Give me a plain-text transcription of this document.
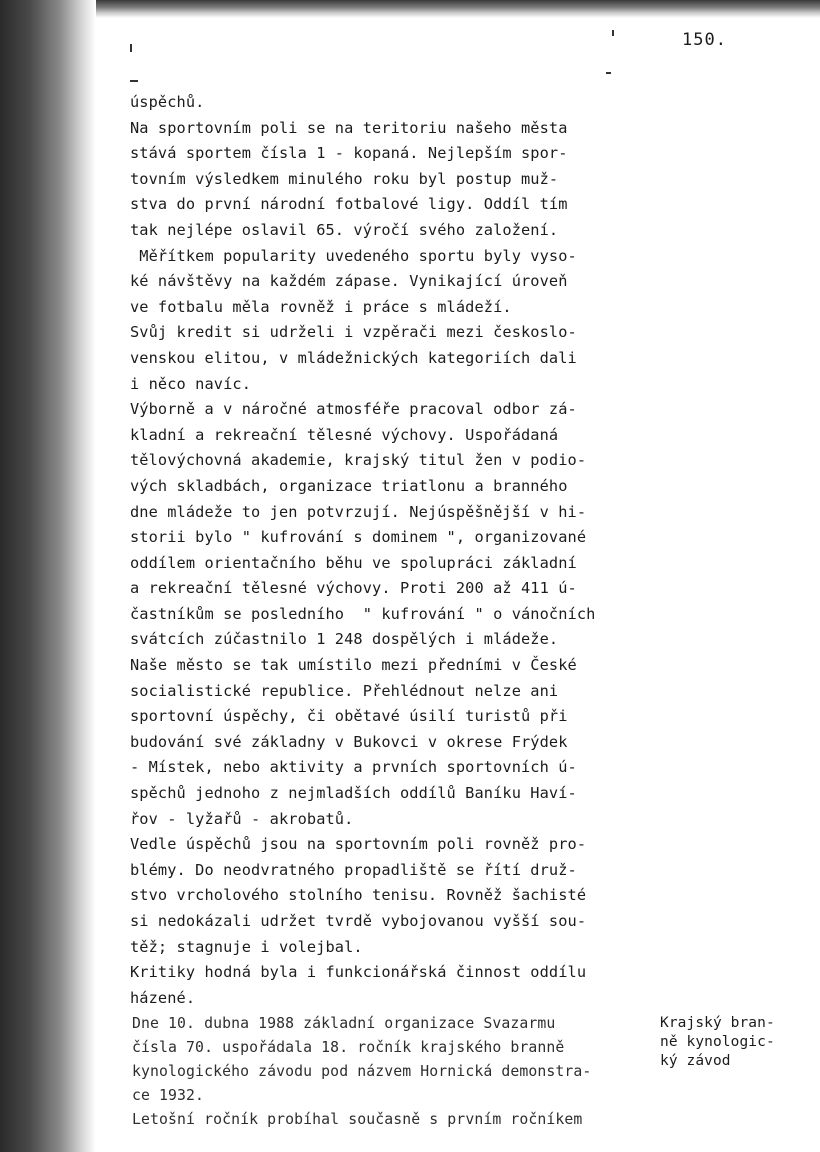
150.
úspěchů.
Na sportovním poli se na teritoriu našeho města
stává sportem čísla 1 - kopaná. Nejlepším spor-
tovním výsledkem minulého roku byl postup muž-
stva do první národní fotbalové ligy. Oddíl tím
tak nejlépe oslavil 65. výročí svého založení.
Měřítkem popularity uvedeného sportu byly vyso-
ké návštěvy na každém zápase. Vynikající úroveň
ve fotbalu měla rovněž i práce s mládeží.
Svůj kredit si udrželi i vzpěrači mezi českoslo-
venskou elitou, v mládežnických kategoriích dali
i něco navíc.
Výborně a v náročné atmosféře pracoval odbor zá-
kladní a rekreační tělesné výchovy. Uspořádaná
tělovýchovná akademie, krajský titul žen v podio-
vých skladbách, organizace triatlonu a branného
dne mládeže to jen potvrzují. Nejúspěšnější v hi-
storii bylo " kufrování s dominem ", organizované
oddílem orientačního běhu ve spolupráci základní
a rekreační tělesné výchovy. Proti 200 až 411 ú-
častníkům se posledního  " kufrování " o vánočních
svátcích zúčastnilo 1 248 dospělých i mládeže.
Naše město se tak umístilo mezi předními v České
socialistické republice. Přehlédnout nelze ani
sportovní úspěchy, či obětavé úsilí turistů při
budování své základny v Bukovci v okrese Frýdek
- Místek, nebo aktivity a prvních sportovních ú-
spěchů jednoho z nejmladších oddílů Baníku Haví-
řov - lyžařů - akrobatů.
Vedle úspěchů jsou na sportovním poli rovněž pro-
blémy. Do neodvratného propadliště se řítí druž-
stvo vrcholového stolního tenisu. Rovněž šachisté
si nedokázali udržet tvrdě vybojovanou vyšší sou-
těž; stagnuje i volejbal.
Kritiky hodná byla i funkcionářská činnost oddílu
házené.
Dne 10. dubna 1988 základní organizace Svazarmu
čísla 70. uspořádala 18. ročník krajského branně
kynologického závodu pod názvem Hornická demonstra-
ce 1932.
Letošní ročník probíhal současně s prvním ročníkem
Krajský bran-
ně kynologic-
ký závod
